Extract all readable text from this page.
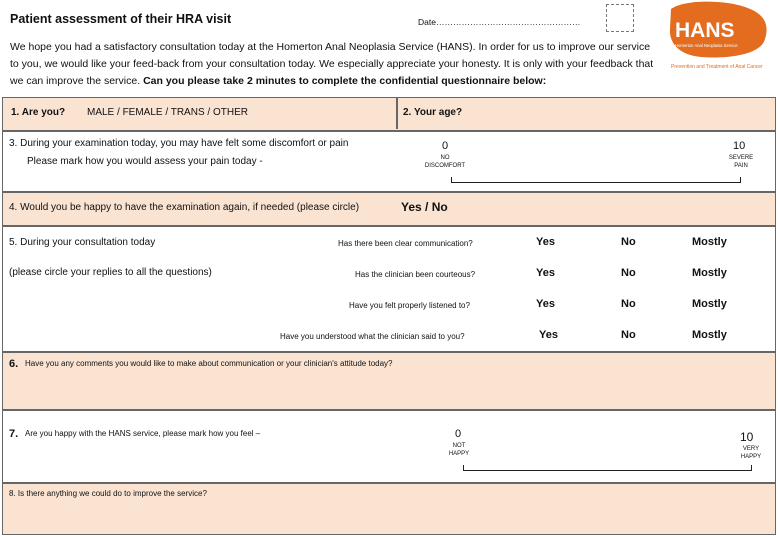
Patient assessment of their HRA visit	Date……………………………………………	HANS
Homerton Anal Neoplasia Service
Prevention and Treatment of Anal Cancer
We hope you had a satisfactory consultation today at the Homerton Anal Neoplasia Service (HANS). In order for us to improve our service to you, we would like your feed-back from your consultation today. We especially appreciate your honesty. It is only with your feedback that we can improve the service. Can you please take 2 minutes to complete the confidential questionnaire below:
1. Are you? MALE / FEMALE / TRANS / OTHER	2. Your age?
3. During your examination today, you may have felt some discomfort or pain
Please mark how you would assess your pain today -
0
NO
DISCOMFORT
10
SEVERE
PAIN
4. Would you be happy to have the examination again, if needed (please circle)	Yes / No
5. During your consultation today
(please circle your replies to all the questions)
Has there been clear communication?	Yes	No	Mostly
Has the clinician been courteous?	Yes	No	Mostly
Have you felt properly listened to?	Yes	No	Mostly
Have you understood what the clinician said to you?	Yes	No	Mostly
6. Have you any comments you would like to make about communication or your clinician's attitude today?
7. Are you happy with the HANS service, please mark how you feel –	0
NOT
HAPPY
10
VERY
HAPPY
8. Is there anything we could do to improve the service?
